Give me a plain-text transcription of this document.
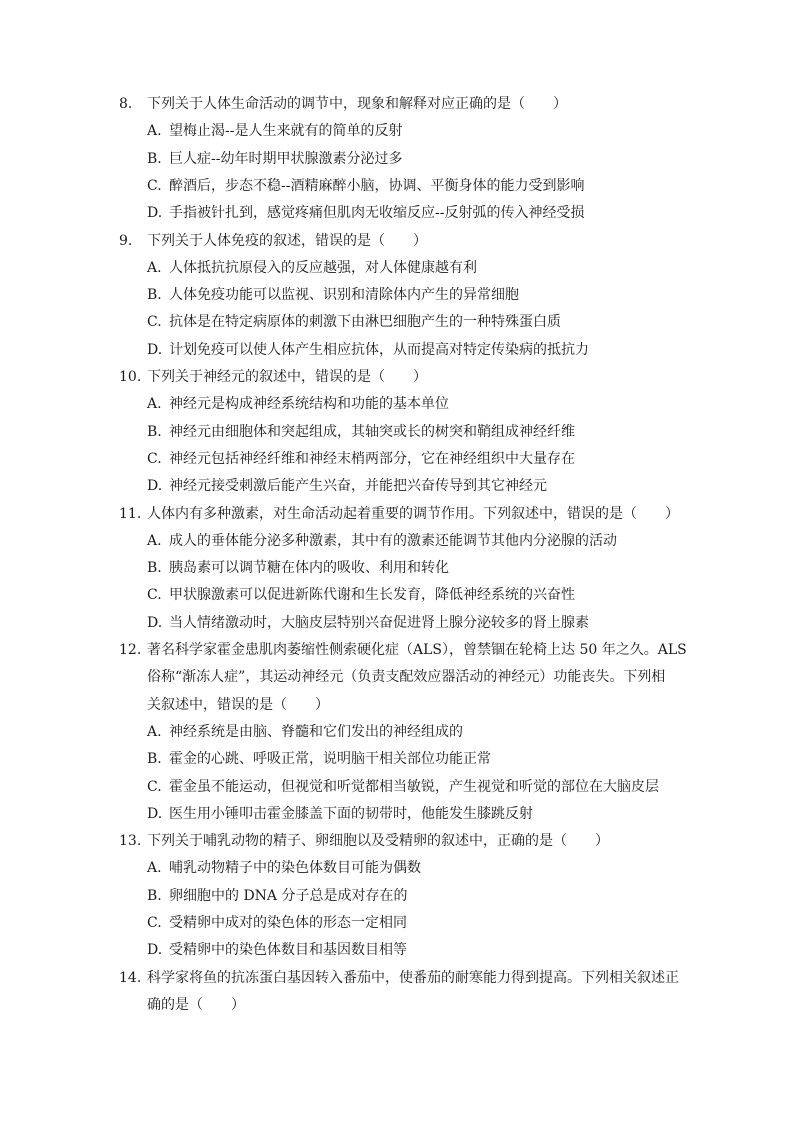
8.	下列关于人体生命活动的调节中，现象和解释对应正确的是（　　）
A. 望梅止渴--是人生来就有的简单的反射
B. 巨人症--幼年时期甲状腺激素分泌过多
C. 醉酒后，步态不稳--酒精麻醉小脑，协调、平衡身体的能力受到影响
D. 手指被针扎到，感觉疼痛但肌肉无收缩反应--反射弧的传入神经受损
9.	下列关于人体免疫的叙述，错误的是（　　）
A. 人体抵抗抗原侵入的反应越强，对人体健康越有利
B. 人体免疫功能可以监视、识别和清除体内产生的异常细胞
C. 抗体是在特定病原体的刺激下由淋巴细胞产生的一种特殊蛋白质
D. 计划免疫可以使人体产生相应抗体，从而提高对特定传染病的抵抗力
10. 下列关于神经元的叙述中，错误的是（　　）
A. 神经元是构成神经系统结构和功能的基本单位
B. 神经元由细胞体和突起组成，其轴突或长的树突和鞘组成神经纤维
C. 神经元包括神经纤维和神经末梢两部分，它在神经组织中大量存在
D. 神经元接受刺激后能产生兴奋，并能把兴奋传导到其它神经元
11. 人体内有多种激素，对生命活动起着重要的调节作用。下列叙述中，错误的是（　　）
A. 成人的垂体能分泌多种激素，其中有的激素还能调节其他内分泌腺的活动
B. 胰岛素可以调节糖在体内的吸收、利用和转化
C. 甲状腺激素可以促进新陈代谢和生长发育，降低神经系统的兴奋性
D. 当人情绪激动时，大脑皮层特别兴奋促进肾上腺分泌较多的肾上腺素
12. 著名科学家霍金患肌肉萎缩性侧索硬化症（ALS），曾禁锢在轮椅上达 50 年之久。ALS
俗称“渐冻人症”，其运动神经元（负责支配效应器活动的神经元）功能丧失。下列相
关叙述中，错误的是（　　）
A. 神经系统是由脑、脊髓和它们发出的神经组成的
B. 霍金的心跳、呼吸正常，说明脑干相关部位功能正常
C. 霍金虽不能运动，但视觉和听觉都相当敏锐，产生视觉和听觉的部位在大脑皮层
D. 医生用小锤叩击霍金膝盖下面的韧带时，他能发生膝跳反射
13. 下列关于哺乳动物的精子、卵细胞以及受精卵的叙述中，正确的是（　　）
A. 哺乳动物精子中的染色体数目可能为偶数
B. 卵细胞中的 DNA 分子总是成对存在的
C. 受精卵中成对的染色体的形态一定相同
D. 受精卵中的染色体数目和基因数目相等
14. 科学家将鱼的抗冻蛋白基因转入番茄中，使番茄的耐寒能力得到提高。下列相关叙述正
确的是（　　）
